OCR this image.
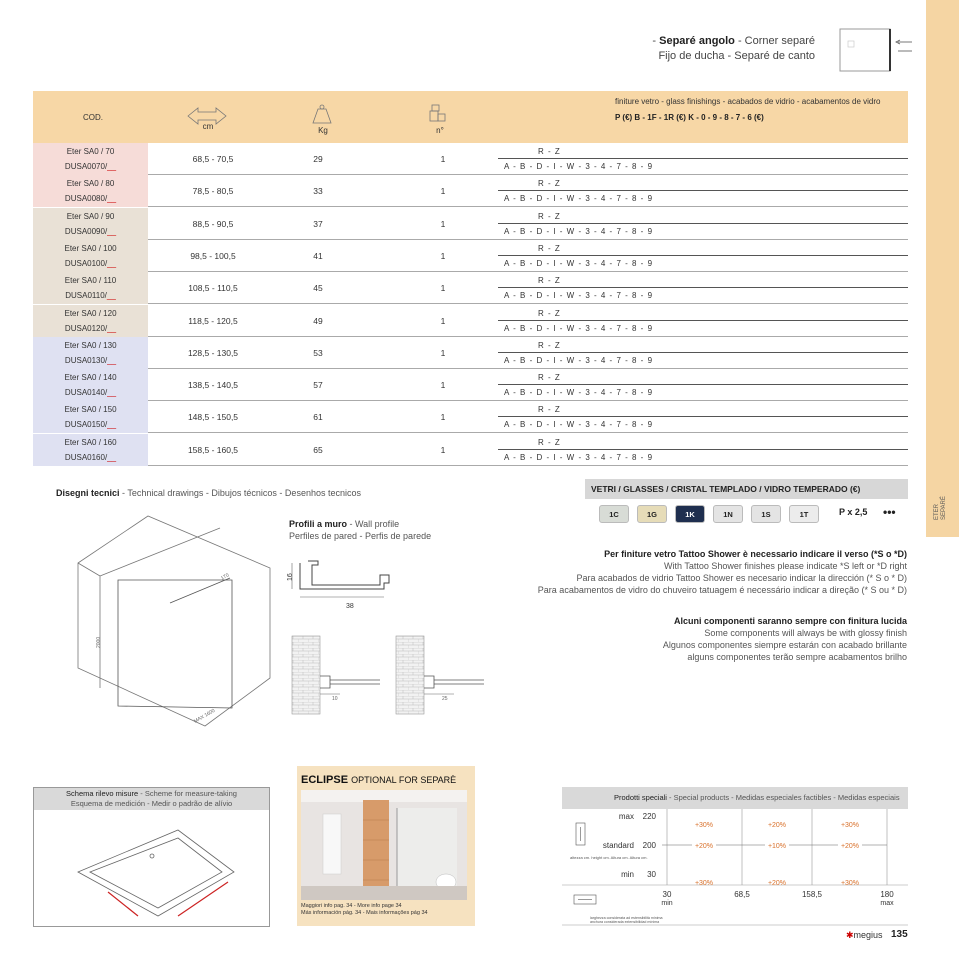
ETER SEPARÉ
- Separé angolo - Corner separé
Fijo de ducha - Separé de canto
COD.
cm	Kg	n°
finiture vetro - glass finishings - acabados de vidrio - acabamentos de vidro
P (€) B - 1F - 1R (€) K - 0 - 9 - 8 - 7 - 6 (€)
Eter SA0 / 70
DUSA0070/__
68,5 - 70,5	29	1
R - Z
A - B - D - I - W - 3 - 4 - 7 - 8 - 9
Eter SA0 / 80
DUSA0080/__
78,5 - 80,5	33	1
R - Z
A - B - D - I - W - 3 - 4 - 7 - 8 - 9
Eter SA0 / 90
DUSA0090/__
88,5 - 90,5	37	1
R - Z
A - B - D - I - W - 3 - 4 - 7 - 8 - 9
Eter SA0 / 100
DUSA0100/__
98,5 - 100,5	41	1
R - Z
A - B - D - I - W - 3 - 4 - 7 - 8 - 9
Eter SA0 / 110
DUSA0110/__
108,5 - 110,5	45	1
R - Z
A - B - D - I - W - 3 - 4 - 7 - 8 - 9
Eter SA0 / 120
DUSA0120/__
118,5 - 120,5	49	1
R - Z
A - B - D - I - W - 3 - 4 - 7 - 8 - 9
Eter SA0 / 130
DUSA0130/__
128,5 - 130,5	53	1
R - Z
A - B - D - I - W - 3 - 4 - 7 - 8 - 9
Eter SA0 / 140
DUSA0140/__
138,5 - 140,5	57	1
R - Z
A - B - D - I - W - 3 - 4 - 7 - 8 - 9
Eter SA0 / 150
DUSA0150/__
148,5 - 150,5	61	1
R - Z
A - B - D - I - W - 3 - 4 - 7 - 8 - 9
Eter SA0 / 160
DUSA0160/__
158,5 - 160,5	65	1
R - Z
A - B - D - I - W - 3 - 4 - 7 - 8 - 9
Disegni tecnici - Technical drawings - Dibujos técnicos - Desenhos tecnicos
2000
MAX 1600
170
Profili a muro - Wall profile
Perfiles de pared - Perfis de parede
16
38
10	25
VETRI / GLASSES / CRISTAL TEMPLADO / VIDRO TEMPERADO (€)
1C	1G	1K	1N	1S	1T	P x 2,5 •••
Per finiture vetro Tattoo Shower è necessario indicare il verso (*S o *D)
With Tattoo Shower finishes please indicate *S left or *D right
Para acabados de vidrio Tattoo Shower es necesario indicar la dirección (* S o * D)
Para acabamentos de vidro do chuveiro tatuagem é necessário indicar a direção (* S ou * D)
Alcuni componenti saranno sempre con finitura lucida
Some components will always be with glossy finish
Algunos componentes siempre estarán con acabado brillante
alguns componentes terão sempre acabamentos brilho
Schema rilevo misure - Scheme for measure-taking
Esquema de medición - Medir o padrão de alívio
ECLIPSE OPTIONAL FOR SEPARÈ
Maggiori info pag. 34 - More info page 34
Más información pág. 34 - Mais informações pág 34
Prodotti speciali - Special products - Medidas especiales factibles - Medidas especiais
altezza cm. height cm. Altura cm. Altura cm.
larghezza considerata ad estensibilità minima
anchura considerada extensibilidad mínima
max 220
+30%	+20%	+30%
standard 200	+20%	+10%	+20%
min 30
+30%	+20%	+30%
30	68,5	158,5	180
min	max
✱megius 135
